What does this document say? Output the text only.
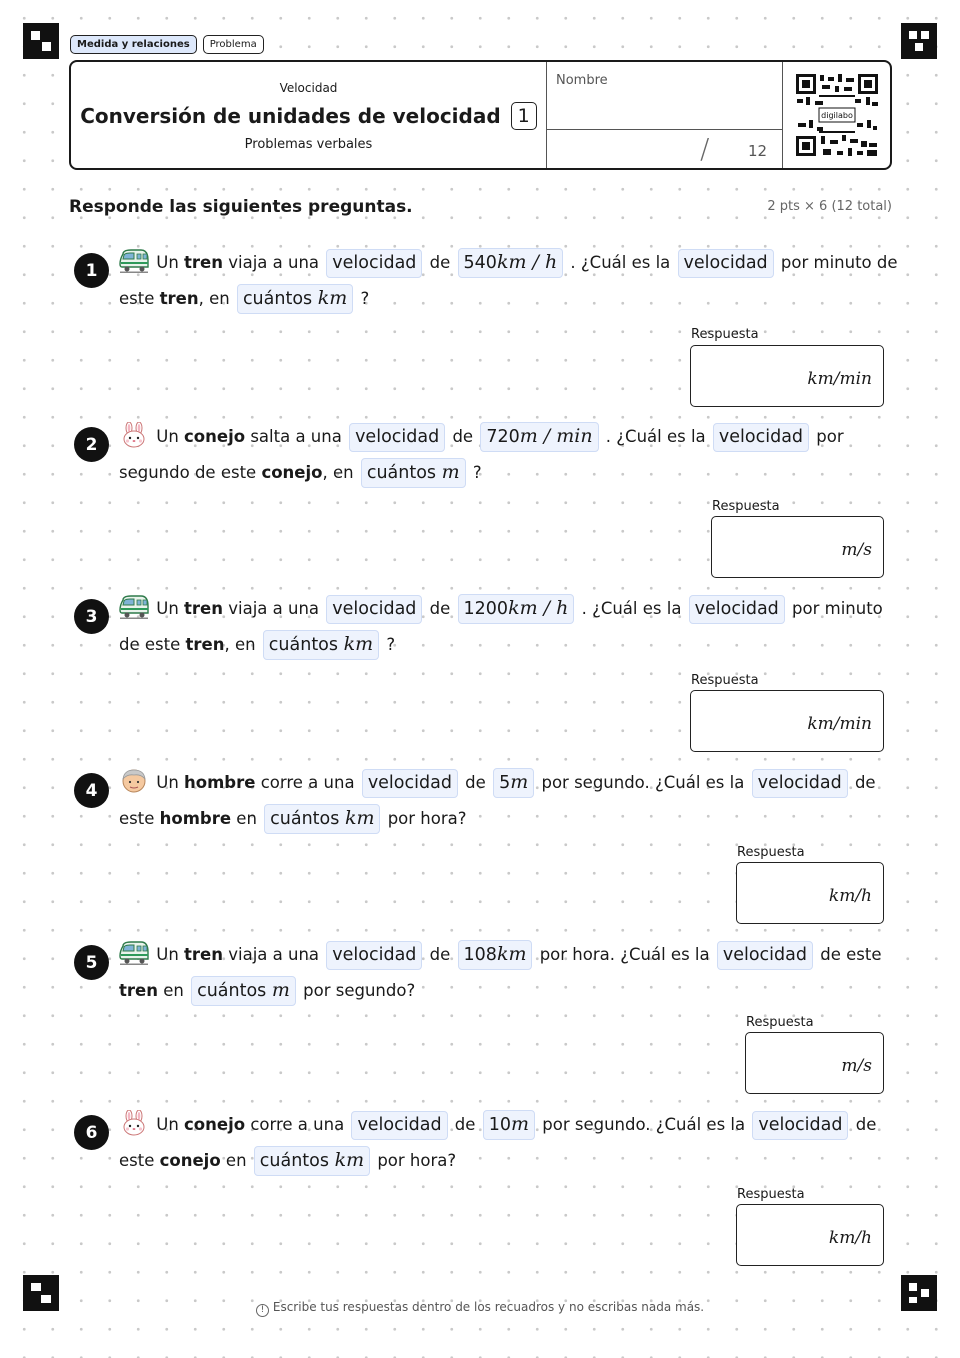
Medida y relaciones	Problema
Velocidad
Conversión de unidades de velocidad 1
Problemas verbales
Nombre
/	12
digilabo
Responde las siguientes preguntas.	2 pts × 6 (12 total)
1	Un tren viaja a una velocidad de 540km / h . ¿Cuál es la velocidad por minuto de este tren, en cuántos km ?
Respuesta
km/min
2	Un conejo salta a una velocidad de 720m / min . ¿Cuál es la velocidad por segundo de este conejo, en cuántos m ?
Respuesta
m/s
3	Un tren viaja a una velocidad de 1200km / h . ¿Cuál es la velocidad por minuto de este tren, en cuántos km ?
Respuesta
km/min
4	Un hombre corre a una velocidad de 5m por segundo. ¿Cuál es la velocidad de este hombre en cuántos km por hora?
Respuesta
km/h
5	Un tren viaja a una velocidad de 108km por hora. ¿Cuál es la velocidad de este tren en cuántos m por segundo?
Respuesta
m/s
6	Un conejo corre a una velocidad de 10m por segundo. ¿Cuál es la velocidad de este conejo en cuántos km por hora?
Respuesta
km/h
! Escribe tus respuestas dentro de los recuadros y no escribas nada más.
